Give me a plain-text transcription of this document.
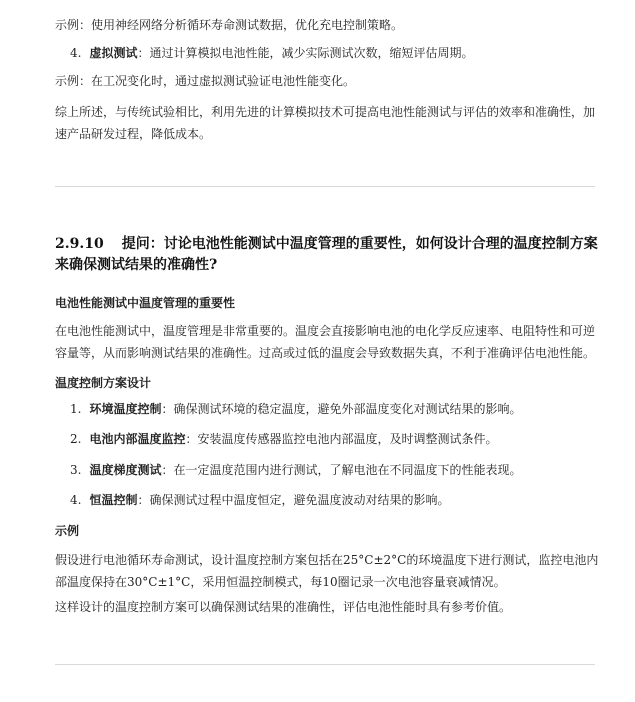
示例：使用神经网络分析循环寿命测试数据，优化充电控制策略。

4. 虚拟测试：通过计算模拟电池性能，减少实际测试次数，缩短评估周期。

示例：在工况变化时，通过虚拟测试验证电池性能变化。

综上所述，与传统试验相比，利用先进的计算模拟技术可提高电池性能测试与评估的效率和准确性，加速产品研发过程，降低成本。

2.9.10 提问：讨论电池性能测试中温度管理的重要性，如何设计合理的温度控制方案来确保测试结果的准确性?
电池性能测试中温度管理的重要性

在电池性能测试中，温度管理是非常重要的。温度会直接影响电池的电化学反应速率、电阻特性和可逆容量等，从而影响测试结果的准确性。过高或过低的温度会导致数据失真，不利于准确评估电池性能。

温度控制方案设计

1. 环境温度控制：确保测试环境的稳定温度，避免外部温度变化对测试结果的影响。

2. 电池内部温度监控：安装温度传感器监控电池内部温度，及时调整测试条件。

3. 温度梯度测试：在一定温度范围内进行测试，了解电池在不同温度下的性能表现。

4. 恒温控制：确保测试过程中温度恒定，避免温度波动对结果的影响。

示例

假设进行电池循环寿命测试，设计温度控制方案包括在25°C±2°C的环境温度下进行测试，监控电池内部温度保持在30°C±1°C，采用恒温控制模式，每10圈记录一次电池容量衰减情况。

这样设计的温度控制方案可以确保测试结果的准确性，评估电池性能时具有参考价值。
